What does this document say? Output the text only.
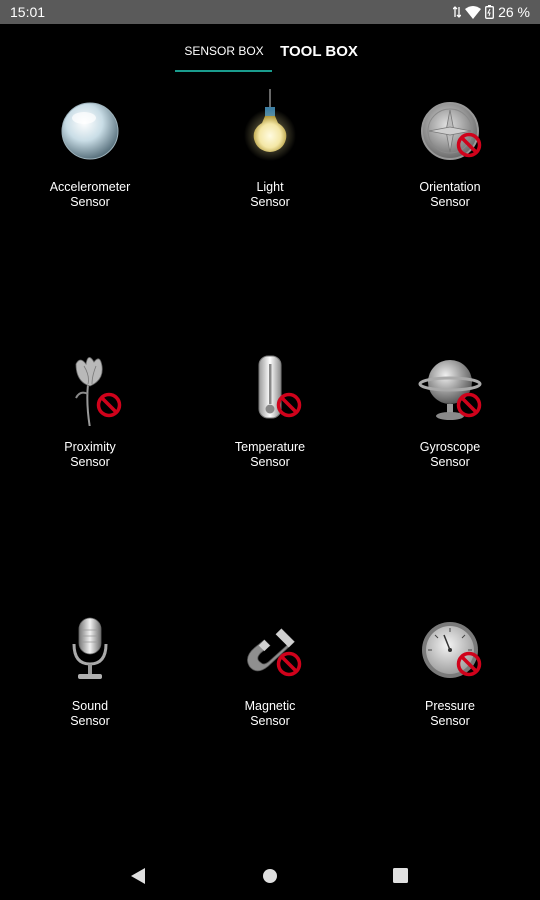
15:01	26 %
SENSOR BOX	TOOL BOX
Accelerometer
Sensor
Light
Sensor
Orientation
Sensor
Proximity
Sensor
Temperature
Sensor
Gyroscope
Sensor
Sound
Sensor
Magnetic
Sensor
Pressure
Sensor
